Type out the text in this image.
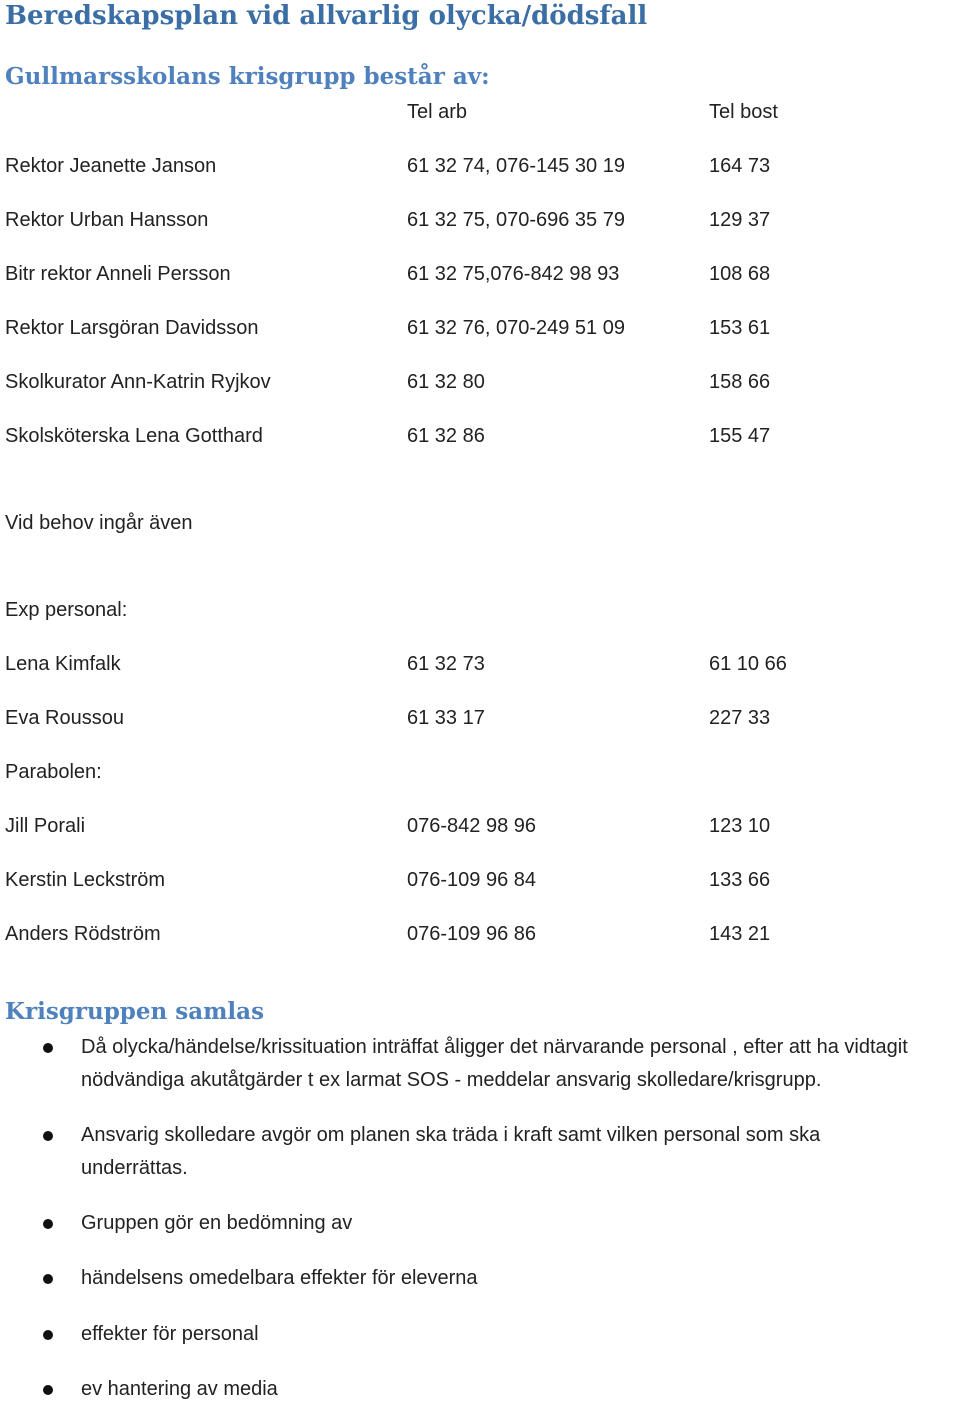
Beredskapsplan vid allvarlig olycka/dödsfall
Gullmarsskolans krisgrupp består av:
Tel arb	Tel bost
Rektor Jeanette Janson	61 32 74, 076-145 30 19	164 73
Rektor Urban Hansson	61 32 75, 070-696 35 79	129 37
Bitr rektor Anneli Persson	61 32 75,076-842 98 93	108 68
Rektor Larsgöran Davidsson	61 32 76, 070-249 51 09	153 61
Skolkurator Ann-Katrin Ryjkov	61 32 80	158 66
Skolsköterska Lena Gotthard	61 32 86	155 47
Vid behov ingår även
Exp personal:
Lena Kimfalk	61 32 73	61 10 66
Eva Roussou	61 33 17	227 33
Parabolen:
Jill Porali	076-842 98 96	123 10
Kerstin Leckström	076-109 96 84	133 66
Anders Rödström	076-109 96 86	143 21
Krisgruppen samlas
Då olycka/händelse/krissituation inträffat åligger det närvarande personal , efter att ha vidtagit nödvändiga akutåtgärder t ex larmat SOS - meddelar ansvarig skolledare/krisgrupp.
Ansvarig skolledare avgör om planen ska träda i kraft samt vilken personal som ska underrättas.
Gruppen gör en bedömning av
händelsens omedelbara effekter för eleverna
effekter för personal
ev hantering av media
